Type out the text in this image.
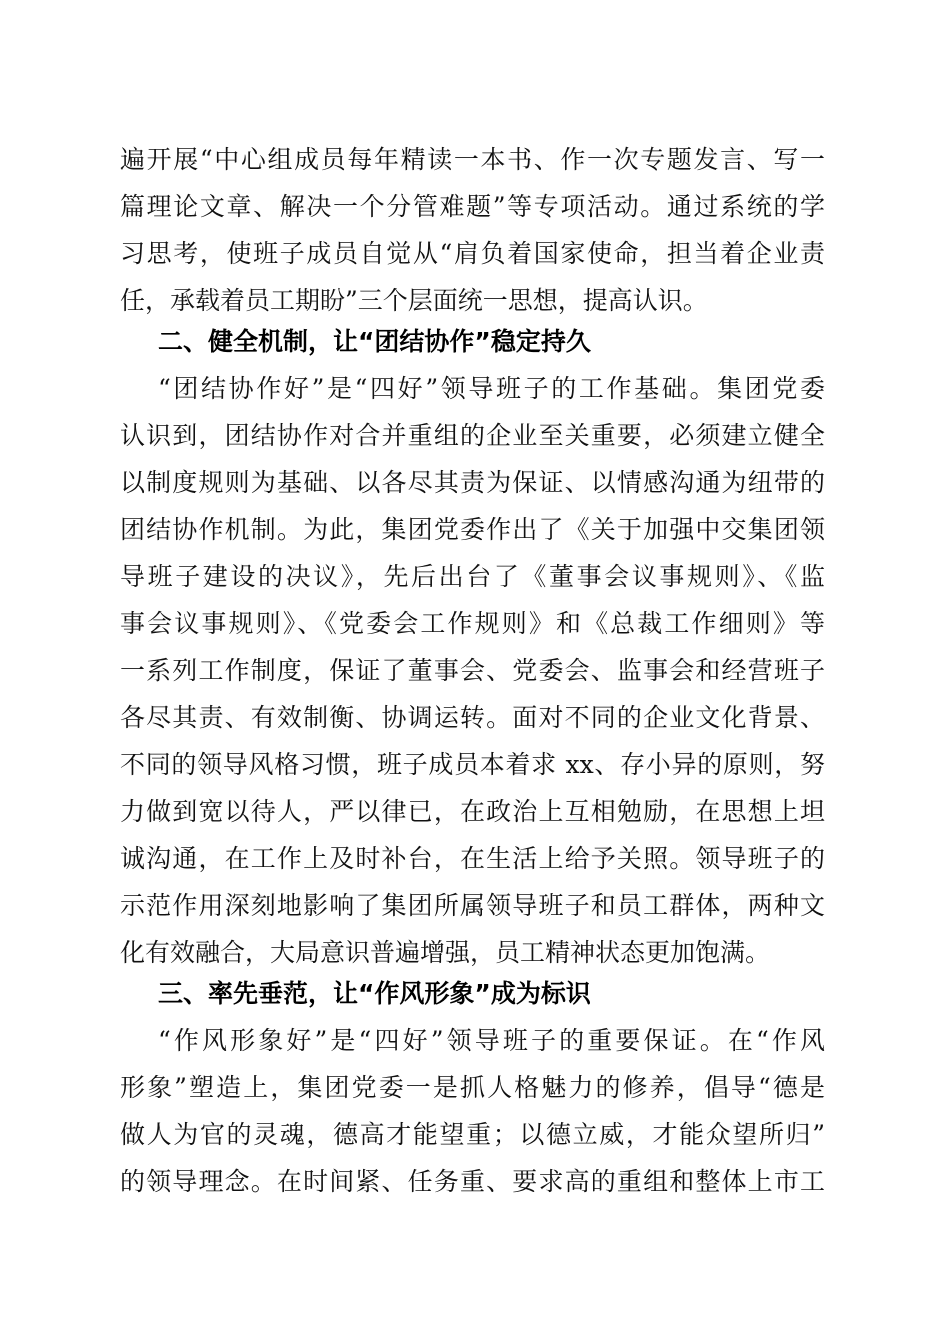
遍开展“中心组成员每年精读一本书、作一次专题发言、写一
篇理论文章、解决一个分管难题”等专项活动。通过系统的学
习思考，使班子成员自觉从“肩负着国家使命，担当着企业责
任，承载着员工期盼”三个层面统一思想，提高认识。
二、健全机制，让“团结协作”稳定持久
“团结协作好”是“四好”领导班子的工作基础。集团党委
认识到，团结协作对合并重组的企业至关重要，必须建立健全
以制度规则为基础、以各尽其责为保证、以情感沟通为纽带的
团结协作机制。为此，集团党委作出了《关于加强中交集团领
导班子建设的决议》，先后出台了《董事会议事规则》、《监
事会议事规则》、《党委会工作规则》和《总裁工作细则》等
一系列工作制度，保证了董事会、党委会、监事会和经营班子
各尽其责、有效制衡、协调运转。面对不同的企业文化背景、
不同的领导风格习惯，班子成员本着求 xx、存小异的原则，努
力做到宽以待人，严以律已，在政治上互相勉励，在思想上坦
诚沟通，在工作上及时补台，在生活上给予关照。领导班子的
示范作用深刻地影响了集团所属领导班子和员工群体，两种文
化有效融合，大局意识普遍增强，员工精神状态更加饱满。
三、率先垂范，让“作风形象”成为标识
“作风形象好”是“四好”领导班子的重要保证。在“作风
形象”塑造上，集团党委一是抓人格魅力的修养，倡导“德是
做人为官的灵魂，德高才能望重；以德立威，才能众望所归”
的领导理念。在时间紧、任务重、要求高的重组和整体上市工
